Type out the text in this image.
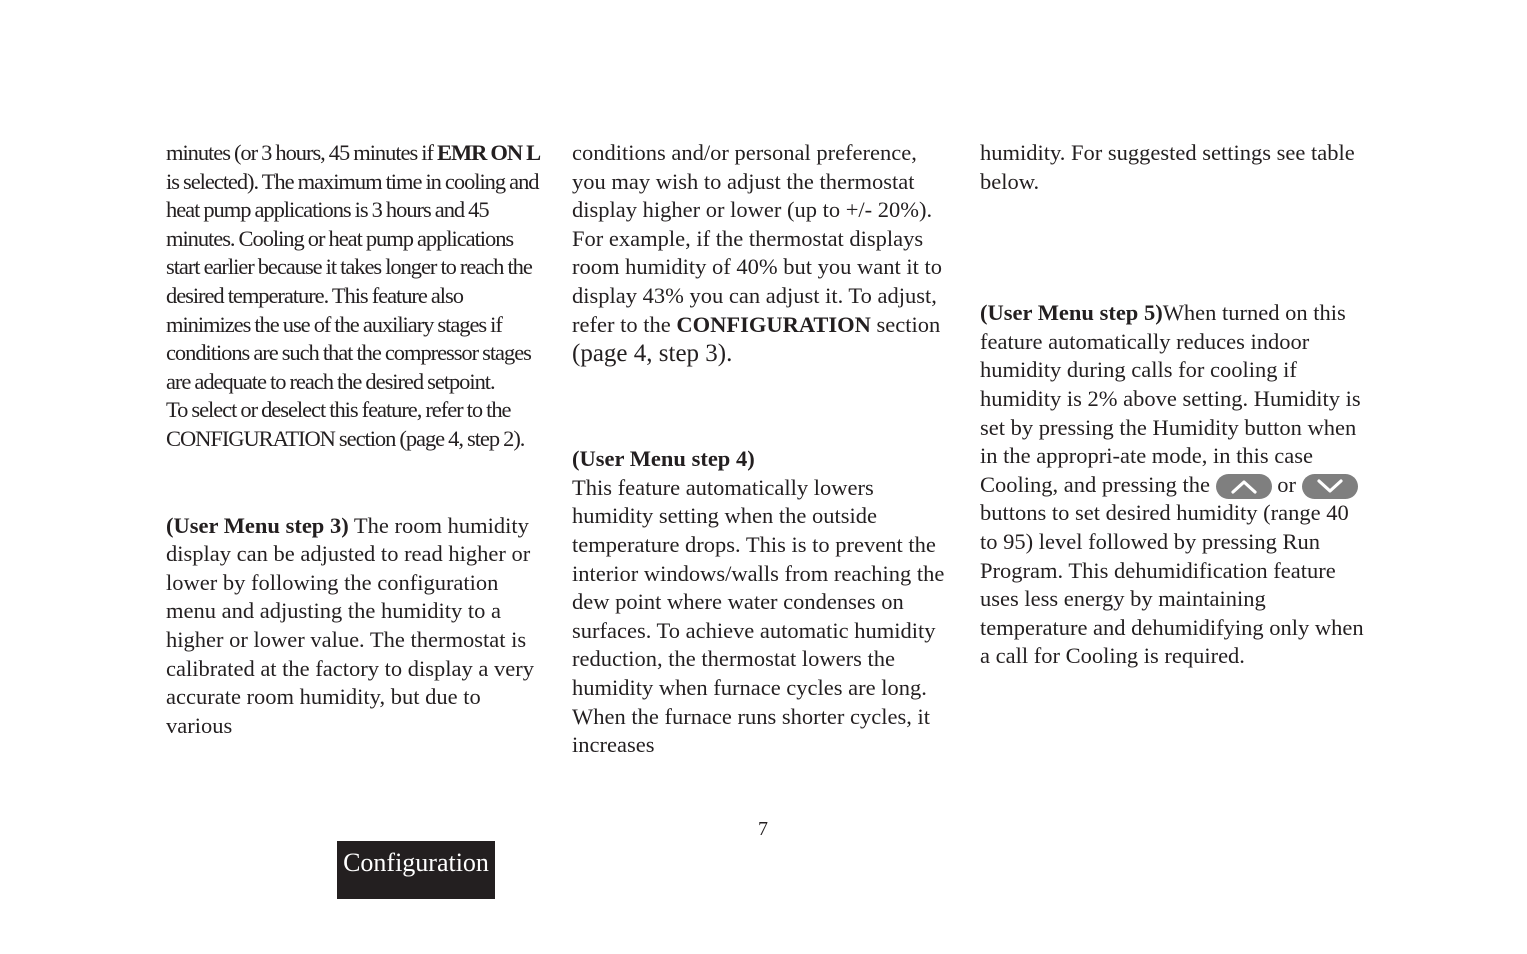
minutes (or 3 hours, 45 minutes if EMR ON L is selected). The maximum time in cooling and heat pump applications is 3 hours and 45 minutes. Cooling or heat pump applications start earlier because it takes longer to reach the desired temperature. This feature also minimizes the use of the auxiliary stages if conditions are such that the compressor stages are adequate to reach the desired setpoint.

To select or deselect this feature, refer to the CONFIGURATION section (page 4, step 2).

(User Menu step 3) The room humidity display can be adjusted to read higher or lower by following the configuration menu and adjusting the humidity to a higher or lower value. The thermostat is calibrated at the factory to display a very accurate room humidity, but due to various

conditions and/or personal preference, you may wish to adjust the thermostat display higher or lower (up to +/- 20%). For example, if the thermostat displays room humidity of 40% but you want it to display 43% you can adjust it. To adjust, refer to the CONFIGURATION section (page 4, step 3).

(User Menu step 4)
This feature automatically lowers humidity setting when the outside temperature drops. This is to prevent the interior windows/walls from reaching the dew point where water condenses on surfaces. To achieve automatic humidity reduction, the thermostat lowers the humidity when furnace cycles are long. When the furnace runs shorter cycles, it increases

humidity. For suggested settings see table below.

(User Menu step 5)When turned on this feature automatically reduces indoor humidity during calls for cooling if humidity is 2% above setting. Humidity is set by pressing the Humidity button when in the appropri-ate mode, in this case Cooling, and pressing the
or
buttons to set desired humidity (range 40 to 95) level followed by pressing Run Program. This dehumidification feature uses less energy by maintaining temperature and dehumidifying only when a call for Cooling is required.

7
Configuration
